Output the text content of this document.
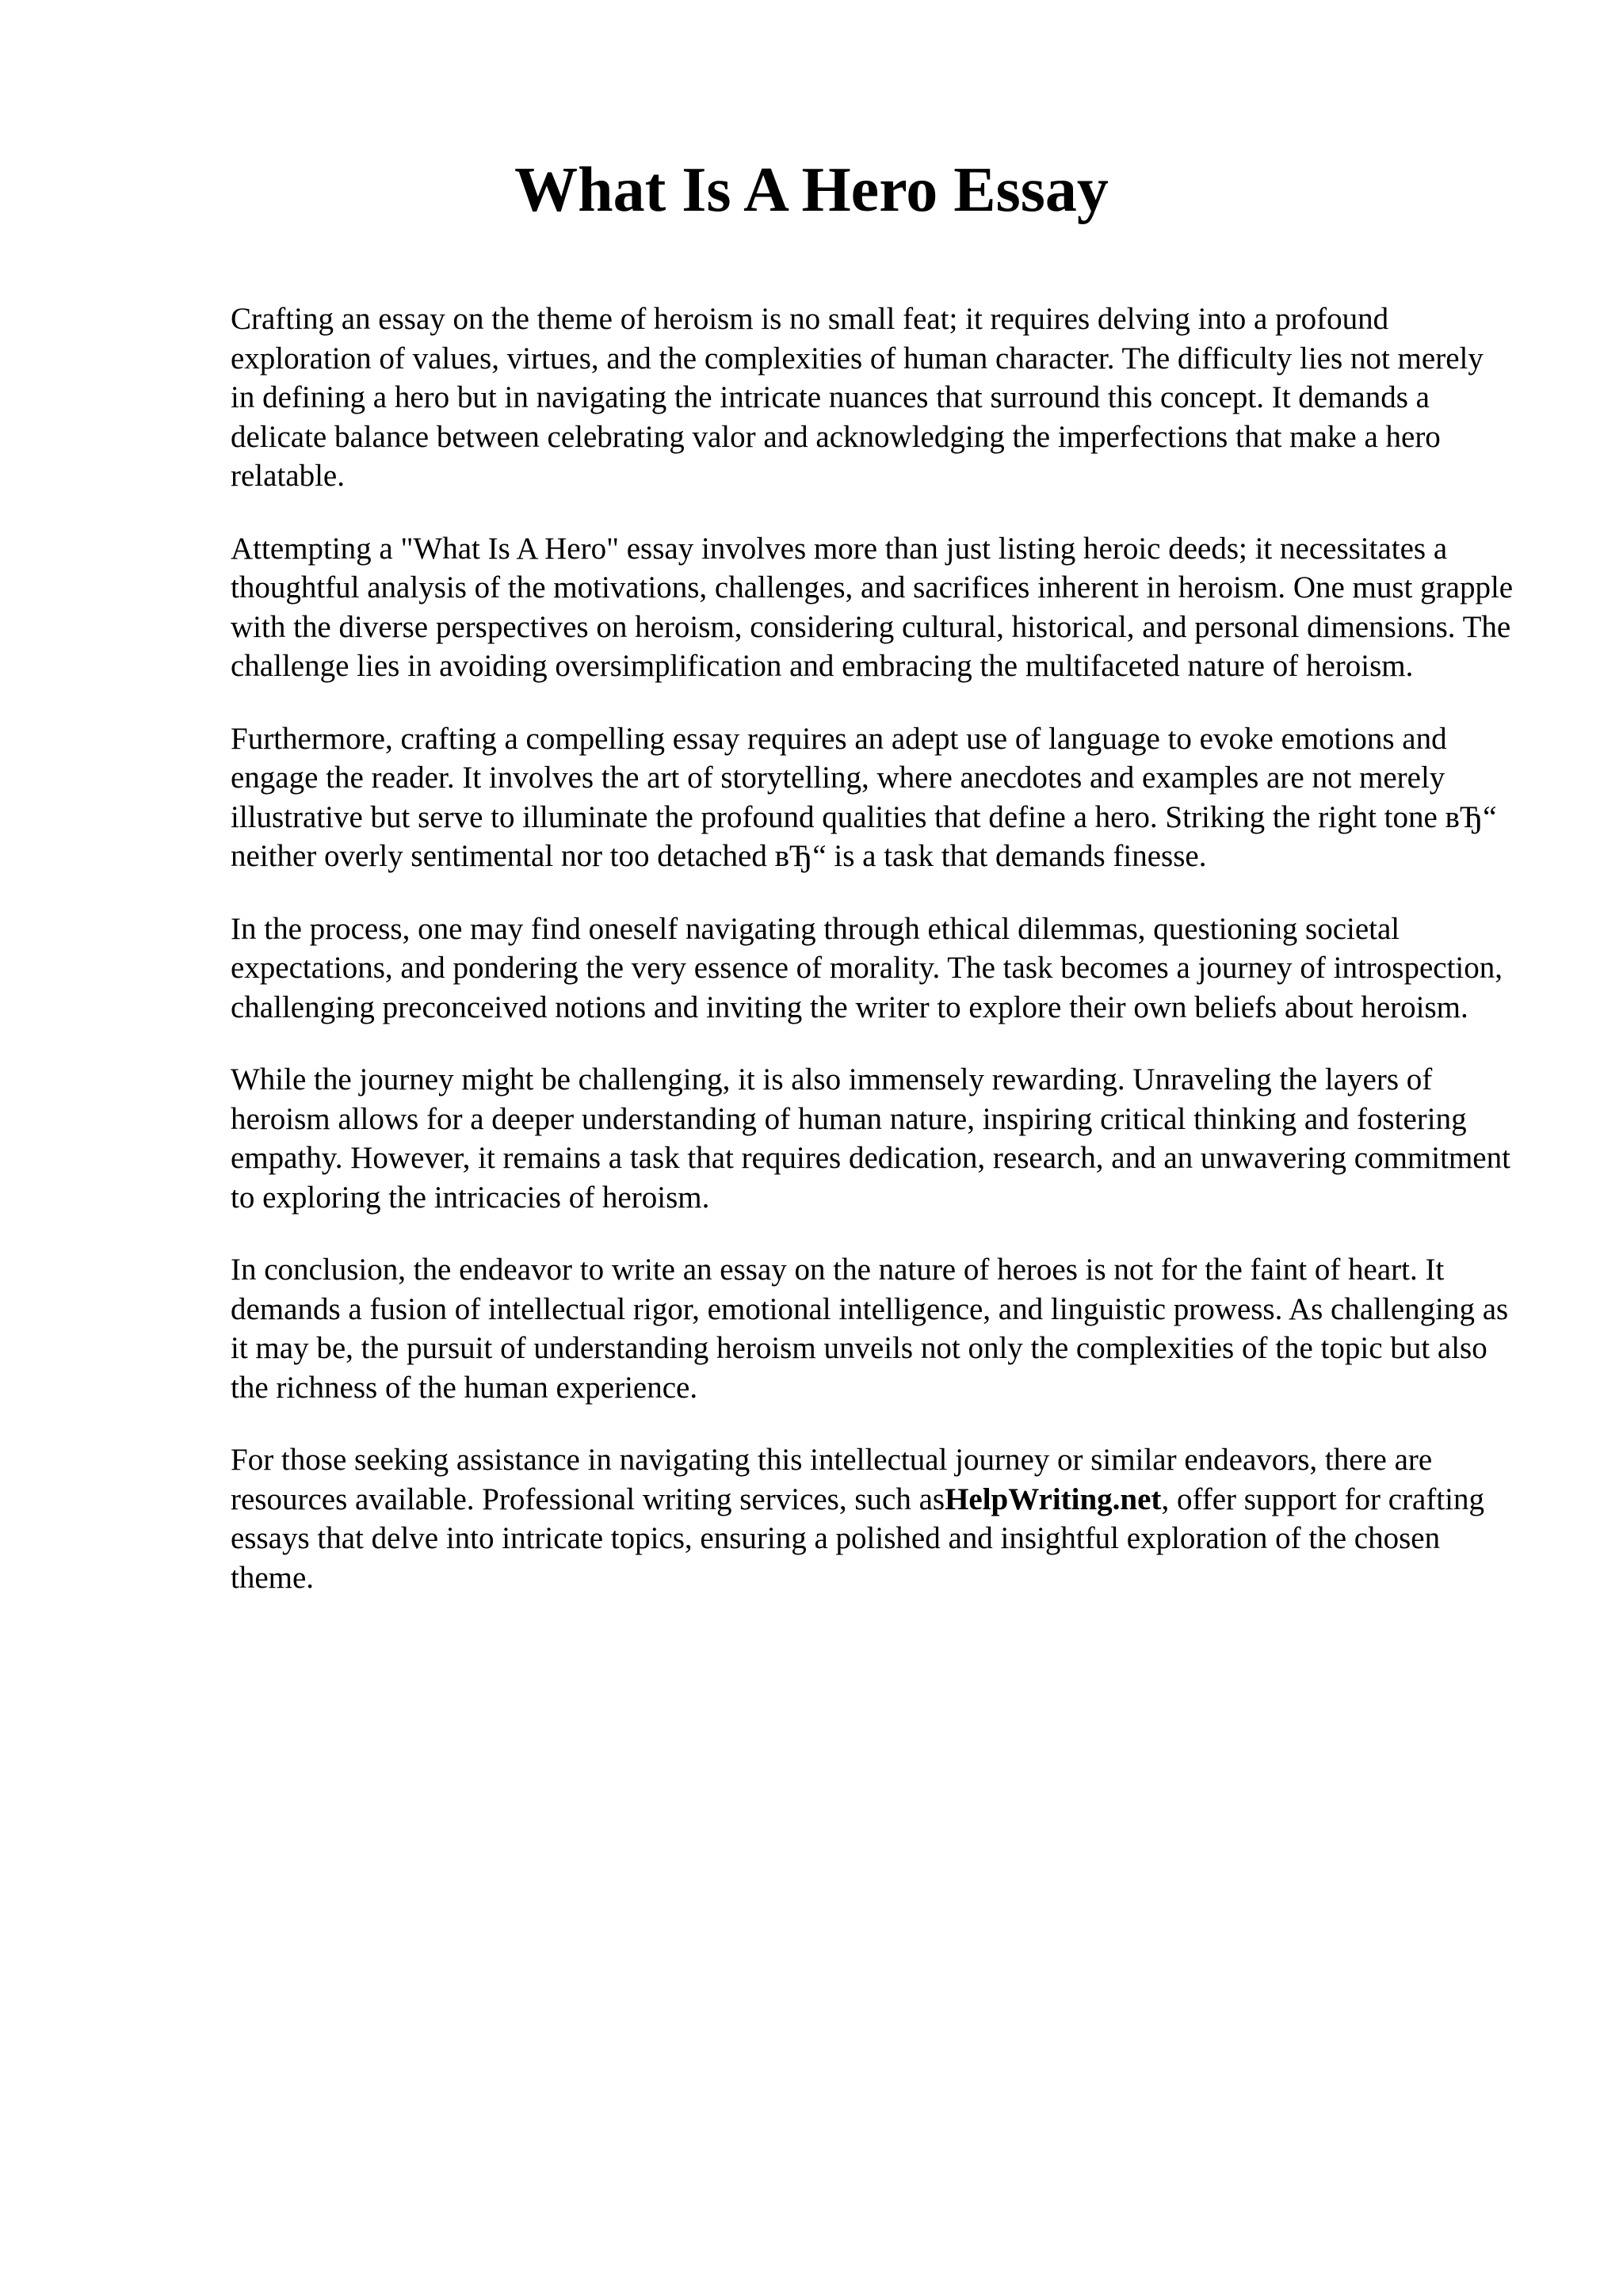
What Is A Hero Essay

Crafting an essay on the theme of heroism is no small feat; it requires delving into a profound exploration of values, virtues, and the complexities of human character. The difficulty lies not merely in defining a hero but in navigating the intricate nuances that surround this concept. It demands a delicate balance between celebrating valor and acknowledging the imperfections that make a hero relatable.

Attempting a "What Is A Hero" essay involves more than just listing heroic deeds; it necessitates a thoughtful analysis of the motivations, challenges, and sacrifices inherent in heroism. One must grapple with the diverse perspectives on heroism, considering cultural, historical, and personal dimensions. The challenge lies in avoiding oversimplification and embracing the multifaceted nature of heroism.

Furthermore, crafting a compelling essay requires an adept use of language to evoke emotions and engage the reader. It involves the art of storytelling, where anecdotes and examples are not merely illustrative but serve to illuminate the profound qualities that define a hero. Striking the right tone вЂ“ neither overly sentimental nor too detached вЂ“ is a task that demands finesse.

In the process, one may find oneself navigating through ethical dilemmas, questioning societal expectations, and pondering the very essence of morality. The task becomes a journey of introspection, challenging preconceived notions and inviting the writer to explore their own beliefs about heroism.

While the journey might be challenging, it is also immensely rewarding. Unraveling the layers of heroism allows for a deeper understanding of human nature, inspiring critical thinking and fostering empathy. However, it remains a task that requires dedication, research, and an unwavering commitment to exploring the intricacies of heroism.

In conclusion, the endeavor to write an essay on the nature of heroes is not for the faint of heart. It demands a fusion of intellectual rigor, emotional intelligence, and linguistic prowess. As challenging as it may be, the pursuit of understanding heroism unveils not only the complexities of the topic but also the richness of the human experience.

For those seeking assistance in navigating this intellectual journey or similar endeavors, there are resources available. Professional writing services, such asHelpWriting.net, offer support for crafting essays that delve into intricate topics, ensuring a polished and insightful exploration of the chosen theme.
